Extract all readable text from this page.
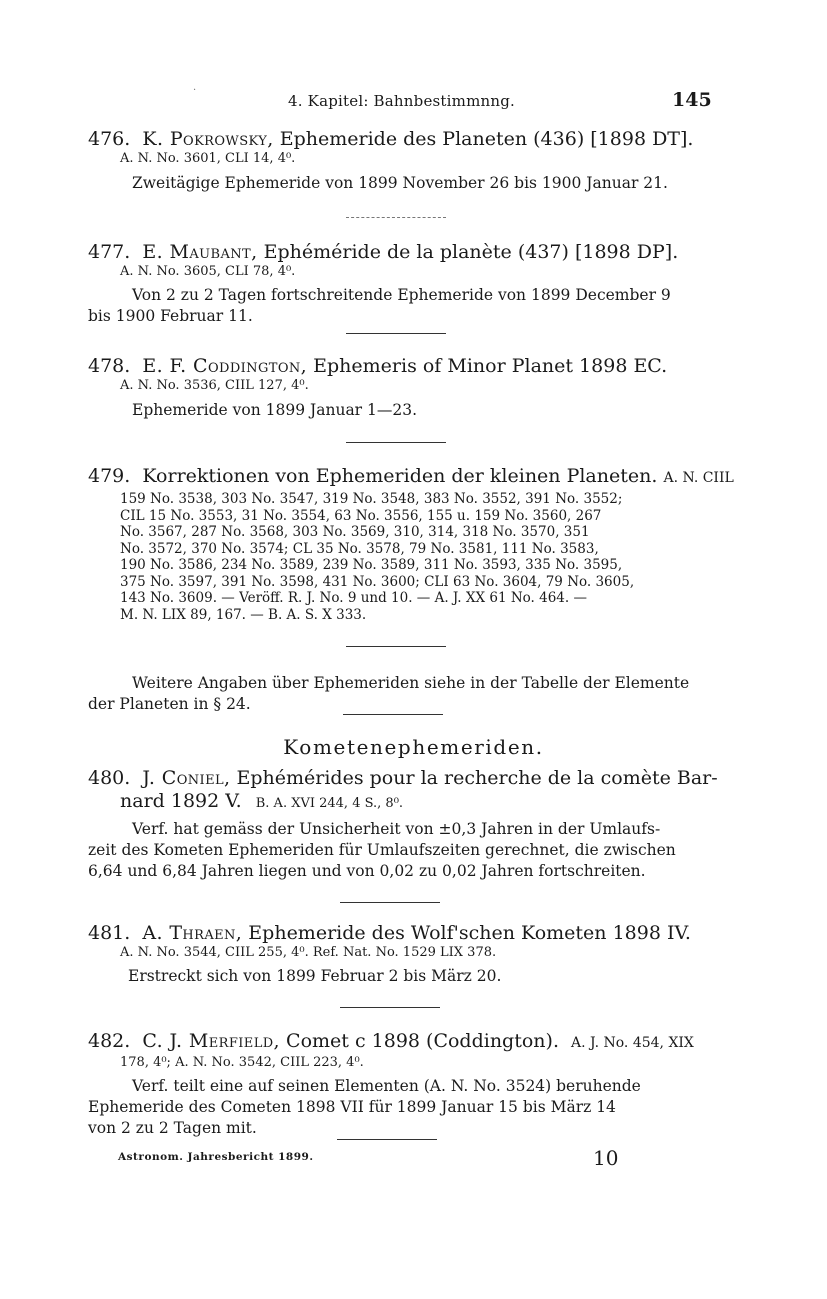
·
4. Kapitel: Bahnbestimmnng.	145
476. K. Pokrowsky, Ephemeride des Planeten (436) [1898 DT].
A. N. No. 3601, CLI 14, 4⁰.

Zweitägige Ephemeride von 1899 November 26 bis 1900 Januar 21.

477. E. Maubant, Ephéméride de la planète (437) [1898 DP].
A. N. No. 3605, CLI 78, 4⁰.

Von 2 zu 2 Tagen fortschreitende Ephemeride von 1899 December 9

bis 1900 Februar 11.

478. E. F. Coddington, Ephemeris of Minor Planet 1898 EC.
A. N. No. 3536, CIIL 127, 4⁰.

Ephemeride von 1899 Januar 1—23.

479. Korrektionen von Ephemeriden der kleinen Planeten. A. N. CIIL
159 No. 3538, 303 No. 3547, 319 No. 3548, 383 No. 3552, 391 No. 3552;
CIL 15 No. 3553, 31 No. 3554, 63 No. 3556, 155 u. 159 No. 3560, 267
No. 3567, 287 No. 3568, 303 No. 3569, 310, 314, 318 No. 3570, 351
No. 3572, 370 No. 3574; CL 35 No. 3578, 79 No. 3581, 111 No. 3583,
190 No. 3586, 234 No. 3589, 239 No. 3589, 311 No. 3593, 335 No. 3595,
375 No. 3597, 391 No. 3598, 431 No. 3600; CLI 63 No. 3604, 79 No. 3605,
143 No. 3609. — Veröff. R. J. No. 9 und 10. — A. J. XX 61 No. 464. —
M. N. LIX 89, 167. — B. A. S. X 333.

Weitere Angaben über Ephemeriden siehe in der Tabelle der Elemente

der Planeten in § 24.

Kometenephemeriden.
480. J. Coniel, Ephémérides pour la recherche de la comète Bar-
nard 1892 V. B. A. XVI 244, 4 S., 8⁰.

Verf. hat gemäss der Unsicherheit von ±0,3 Jahren in der Umlaufs-

zeit des Kometen Ephemeriden für Umlaufszeiten gerechnet, die zwischen

6,64 und 6,84 Jahren liegen und von 0,02 zu 0,02 Jahren fortschreiten.

481. A. Thraen, Ephemeride des Wolf'schen Kometen 1898 IV.
A. N. No. 3544, CIIL 255, 4⁰. Ref. Nat. No. 1529 LIX 378.

Erstreckt sich von 1899 Februar 2 bis März 20.

482. C. J. Merfield, Comet c 1898 (Coddington). A. J. No. 454, XIX
178, 4⁰; A. N. No. 3542, CIIL 223, 4⁰.

Verf. teilt eine auf seinen Elementen (A. N. No. 3524) beruhende

Ephemeride des Cometen 1898 VII für 1899 Januar 15 bis März 14

von 2 zu 2 Tagen mit.

Astronom. Jahresbericht 1899.	10
